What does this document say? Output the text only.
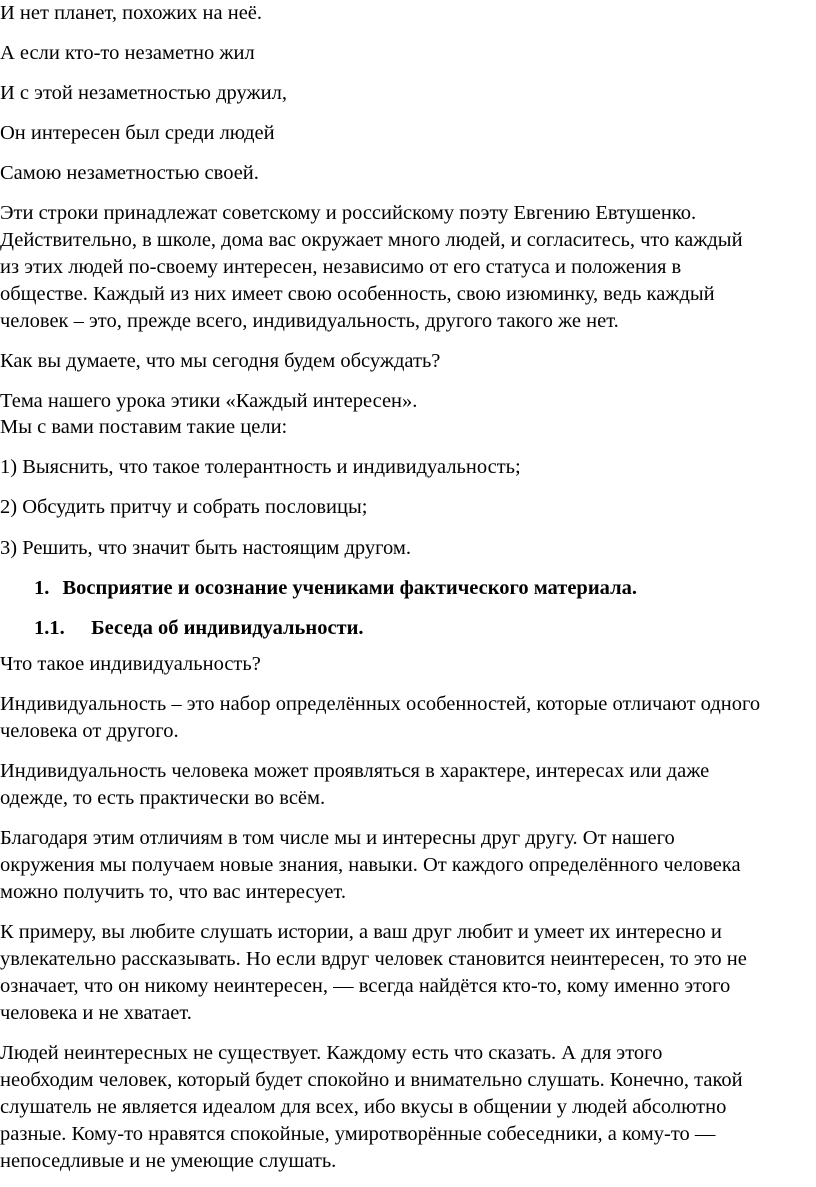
И нет планет, похожих на неё.
А если кто-то незаметно жил
И с этой незаметностью дружил,
Он интересен был среди людей
Самою незаметностью своей.
Эти строки принадлежат советскому и российскому поэту Евгению Евтушенко.
Действительно, в школе, дома вас окружает много людей, и согласитесь, что каждый
из этих людей по-своему интересен, независимо от его статуса и положения в
обществе. Каждый из них имеет свою особенность, свою изюминку, ведь каждый
человек – это, прежде всего, индивидуальность, другого такого же нет.
Как вы думаете, что мы сегодня будем обсуждать?
Тема нашего урока этики «Каждый интересен».
Мы с вами поставим такие цели:
1) Выяснить, что такое толерантность и индивидуальность;
2) Обсудить притчу и собрать пословицы;
3) Решить, что значит быть настоящим другом.
1. Восприятие и осознание учениками фактического материала.
1.1. Беседа об индивидуальности.
Что такое индивидуальность?
Индивидуальность – это набор определённых особенностей, которые отличают одного
человека от другого.
Индивидуальность человека может проявляться в характере, интересах или даже
одежде, то есть практически во всём.
Благодаря этим отличиям в том числе мы и интересны друг другу. От нашего
окружения мы получаем новые знания, навыки. От каждого определённого человека
можно получить то, что вас интересует.
К примеру, вы любите слушать истории, а ваш друг любит и умеет их интересно и
увлекательно рассказывать. Но если вдруг человек становится неинтересен, то это не
означает, что он никому неинтересен, — всегда найдётся кто-то, кому именно этого
человека и не хватает.
Людей неинтересных не существует. Каждому есть что сказать. А для этого
необходим человек, который будет спокойно и внимательно слушать. Конечно, такой
слушатель не является идеалом для всех, ибо вкусы в общении у людей абсолютно
разные. Кому-то нравятся спокойные, умиротворённые собеседники, а кому-то —
непоседливые и не умеющие слушать.
